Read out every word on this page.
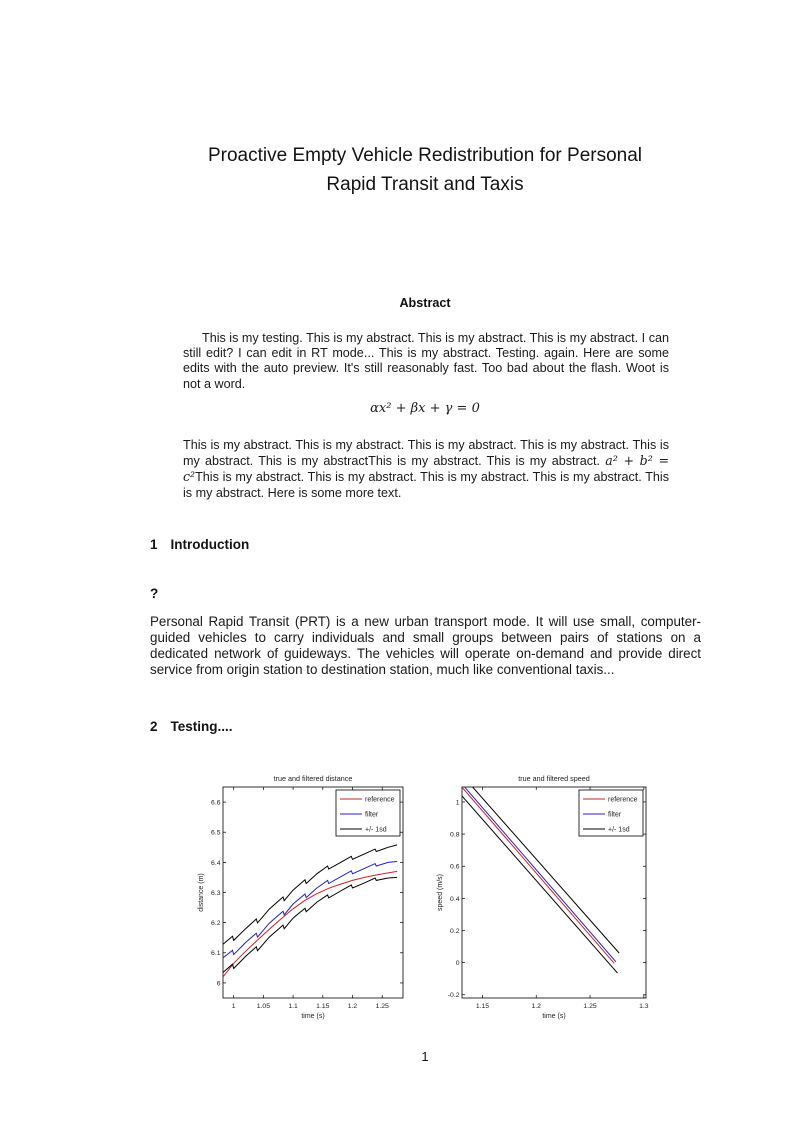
Proactive Empty Vehicle Redistribution for Personal
Rapid Transit and Taxis
Abstract

This is my testing. This is my abstract. This is my abstract. This is my abstract. I can still edit? I can edit in RT mode... This is my abstract. Testing. again. Here are some edits with the auto preview. It's still reasonably fast. Too bad about the flash. Woot is not a word.

αx² + βx + γ = 0

This is my abstract. This is my abstract. This is my abstract. This is my abstract. This is my abstract. This is my abstractThis is my abstract. This is my abstract. a² + b² = c²This is my abstract. This is my abstract. This is my abstract. This is my abstract. This is my abstract. Here is some more text.

1 Introduction
?

Personal Rapid Transit (PRT) is a new urban transport mode. It will use small, computer-guided vehicles to carry individuals and small groups between pairs of stations on a dedicated network of guideways. The vehicles will operate on-demand and provide direct service from origin station to destination station, much like conventional taxis...

2 Testing....
1	1.05	1.1	1.15	1.2	1.25
6
6.1
6.2
6.3
6.4
6.5
6.6
true and filtered distance
time (s)
distance (m)
reference
filter
+/- 1sd
1.15	1.2	1.25	1.3
-0.2
0
0.2
0.4
0.6
0.8
1
true and filtered speed
time (s)
speed (m/s)
reference
filter
+/- 1sd
1
